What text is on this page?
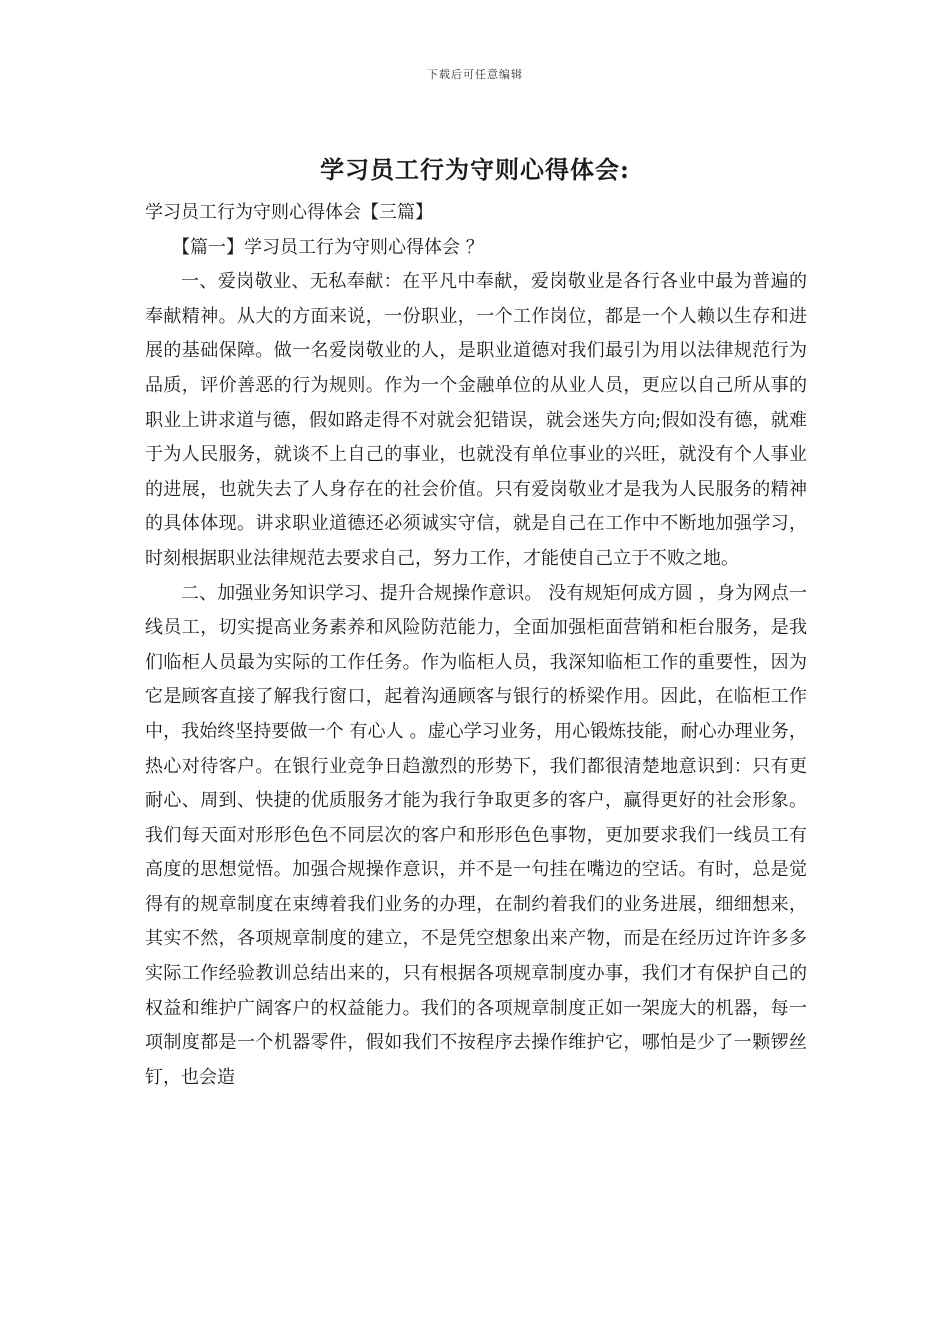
下载后可任意编辑
学习员工行为守则心得体会:

学习员工行为守则心得体会【三篇】

【篇一】学习员工行为守则心得体会 ？

一、爱岗敬业、无私奉献：在平凡中奉献，爱岗敬业是各行各业中最为普遍的奉献精神。从大的方面来说，一份职业，一个工作岗位，都是一个人赖以生存和进展的基础保障。做一名爱岗敬业的人，是职业道德对我们最引为用以法律规范行为品质，评价善恶的行为规则。作为一个金融单位的从业人员，更应以自己所从事的职业上讲求道与德，假如路走得不对就会犯错误，就会迷失方向;假如没有德，就难于为人民服务，就谈不上自己的事业，也就没有单位事业的兴旺，就没有个人事业的进展，也就失去了人身存在的社会价值。只有爱岗敬业才是我为人民服务的精神的具体体现。讲求职业道德还必须诚实守信，就是自己在工作中不断地加强学习，时刻根据职业法律规范去要求自己，努力工作，才能使自己立于不败之地。

二、加强业务知识学习、提升合规操作意识。 没有规矩何成方圆 ，身为网点一线员工，切实提高业务素养和风险防范能力，全面加强柜面营销和柜台服务，是我们临柜人员最为实际的工作任务。作为临柜人员，我深知临柜工作的重要性，因为它是顾客直接了解我行窗口，起着沟通顾客与银行的桥梁作用。因此，在临柜工作中，我始终坚持要做一个 有心人 。虚心学习业务，用心锻炼技能，耐心办理业务，热心对待客户。在银行业竞争日趋激烈的形势下，我们都很清楚地意识到：只有更耐心、周到、快捷的优质服务才能为我行争取更多的客户，赢得更好的社会形象。我们每天面对形形色色不同层次的客户和形形色色事物，更加要求我们一线员工有高度的思想觉悟。加强合规操作意识，并不是一句挂在嘴边的空话。有时，总是觉得有的规章制度在束缚着我们业务的办理，在制约着我们的业务进展，细细想来，其实不然，各项规章制度的建立，不是凭空想象出来产物，而是在经历过许许多多实际工作经验教训总结出来的，只有根据各项规章制度办事，我们才有保护自己的权益和维护广阔客户的权益能力。我们的各项规章制度正如一架庞大的机器，每一项制度都是一个机器零件，假如我们不按程序去操作维护它，哪怕是少了一颗锣丝钉，也会造
